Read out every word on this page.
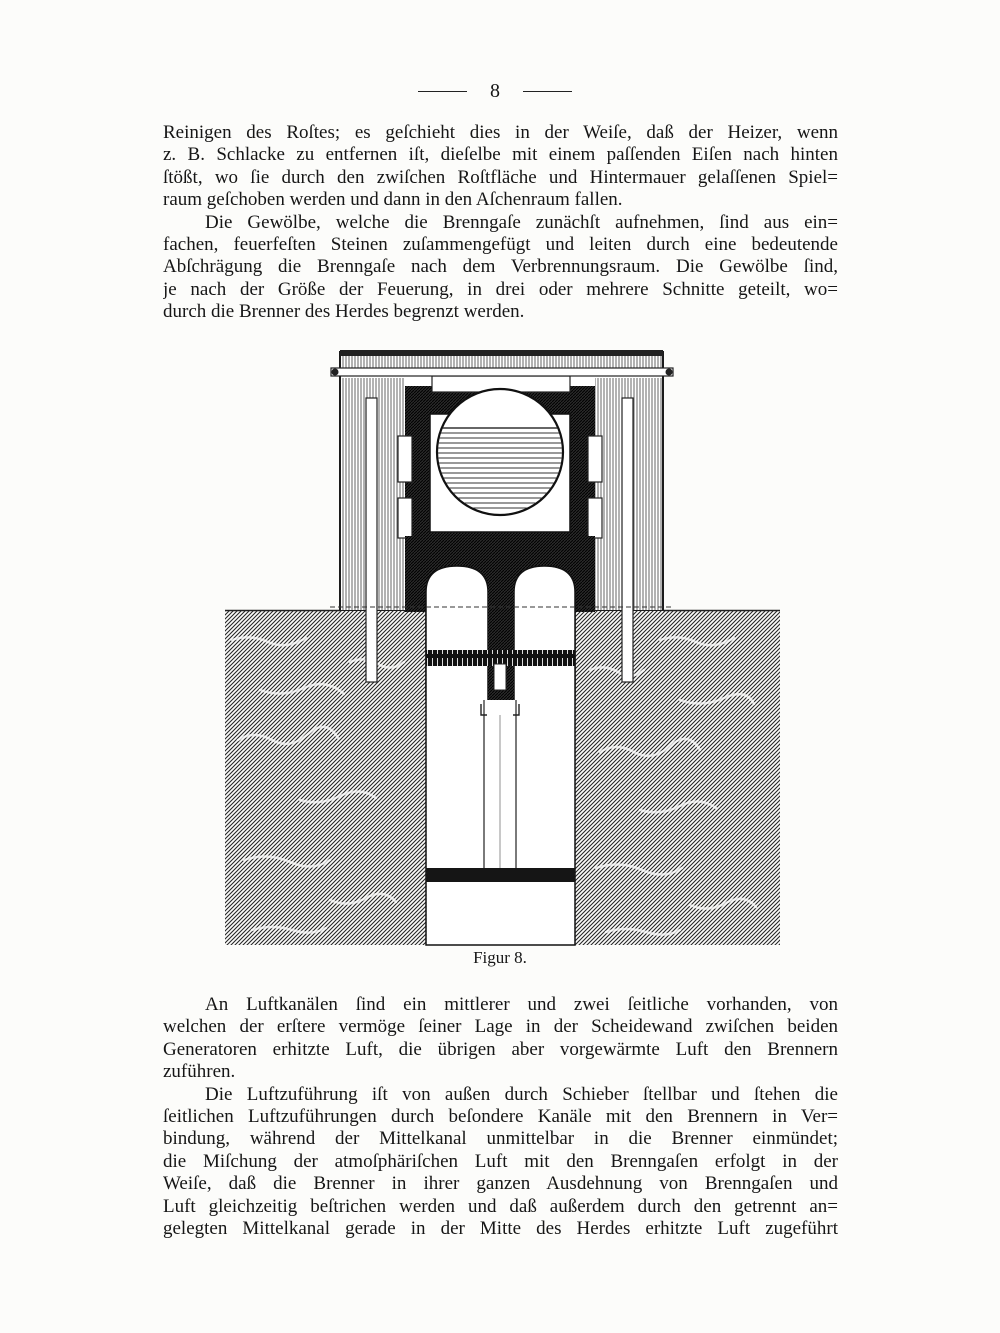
8
Reinigen des Roſtes; es geſchieht dies in der Weiſe, daß der Heizer, wenn
z. B. Schlacke zu entfernen iſt, dieſelbe mit einem paſſenden Eiſen nach hinten
ſtößt, wo ſie durch den zwiſchen Roſtfläche und Hintermauer gelaſſenen Spiel=
raum geſchoben werden und dann in den Aſchenraum fallen.
Die Gewölbe, welche die Brenngaſe zunächſt aufnehmen, ſind aus ein=
fachen, feuerfeſten Steinen zuſammengefügt und leiten durch eine bedeutende
Abſchrägung die Brenngaſe nach dem Verbrennungsraum. Die Gewölbe ſind,
je nach der Größe der Feuerung, in drei oder mehrere Schnitte geteilt, wo=
durch die Brenner des Herdes begrenzt werden.
Figur 8.
An Luftkanälen ſind ein mittlerer und zwei ſeitliche vorhanden, von
welchen der erſtere vermöge ſeiner Lage in der Scheidewand zwiſchen beiden
Generatoren erhitzte Luft, die übrigen aber vorgewärmte Luft den Brennern
zuführen.
Die Luftzuführung iſt von außen durch Schieber ſtellbar und ſtehen die
ſeitlichen Luftzuführungen durch beſondere Kanäle mit den Brennern in Ver=
bindung, während der Mittelkanal unmittelbar in die Brenner einmündet;
die Miſchung der atmoſphäriſchen Luft mit den Brenngaſen erfolgt in der
Weiſe, daß die Brenner in ihrer ganzen Ausdehnung von Brenngaſen und
Luft gleichzeitig beſtrichen werden und daß außerdem durch den getrennt an=
gelegten Mittelkanal gerade in der Mitte des Herdes erhitzte Luft zugeführt
